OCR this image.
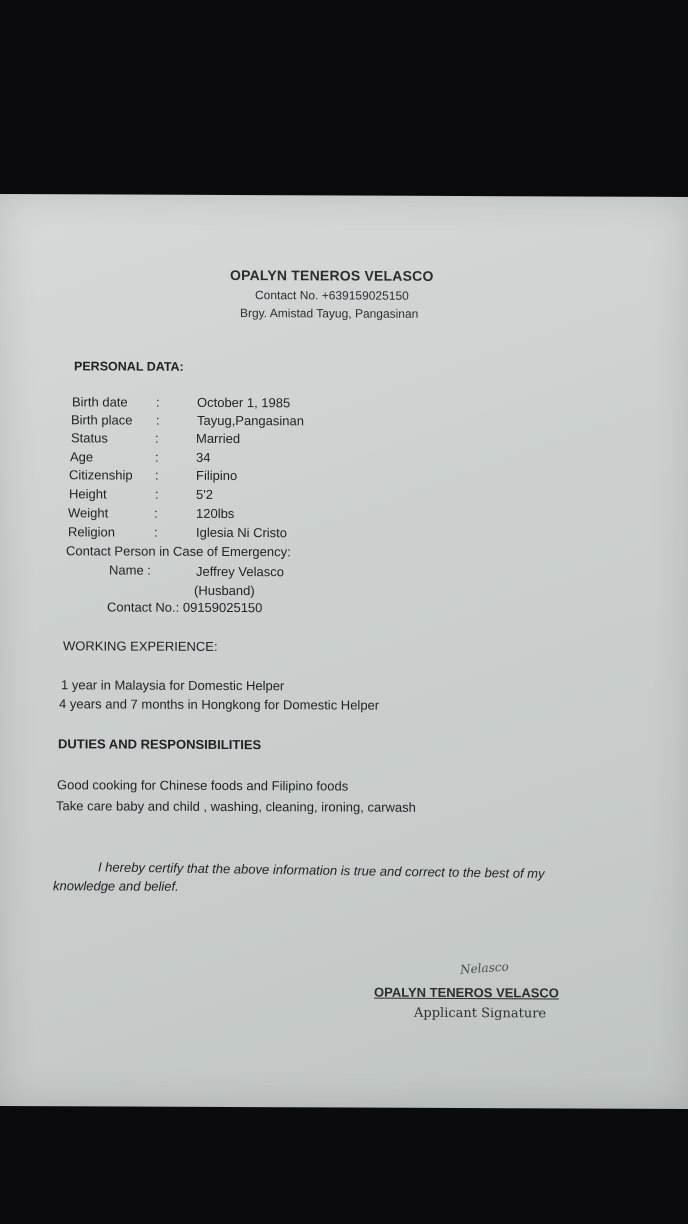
OPALYN TENEROS VELASCO
Contact No. +639159025150
Brgy. Amistad Tayug, Pangasinan
PERSONAL DATA:
Birth date :	October 1, 1985
Birth place :	Tayug,Pangasinan
Status	:	Married
Age	:	34
Citizenship :	Filipino
Height	:	5'2
Weight	:	120lbs
Religion	:	Iglesia Ni Cristo
Contact Person in Case of Emergency:
Name :	Jeffrey Velasco
(Husband)
Contact No.: 09159025150
WORKING EXPERIENCE:
1 year in Malaysia for Domestic Helper
4 years and 7 months in Hongkong for Domestic Helper
DUTIES AND RESPONSIBILITIES
Good cooking for Chinese foods and Filipino foods
Take care baby and child , washing, cleaning, ironing, carwash
I hereby certify that the above information is true and correct to the best of my
knowledge and belief.
Nelasco
OPALYN TENEROS VELASCO
Applicant Signature
